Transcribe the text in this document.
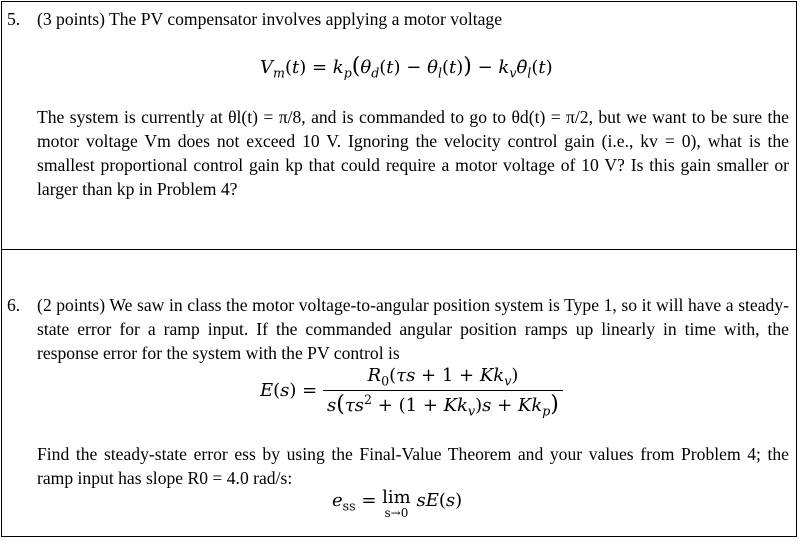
5. (3 points) The PV compensator involves applying a motor voltage
$V_m(t) = k_p(\theta_d(t) - \theta_l(t))$ − $k_v\thetȧ_l(t)$
The system is currently at θl(t) = π/8, and is commanded to go to θd(t) = π/2, but we want to be sure the motor voltage Vm does not exceed 10 V. Ignoring the velocity control gain (i.e., kv = 0), what is the smallest proportional control gain kp that could require a motor voltage of 10 V? Is this gain smaller or larger than kp in Problem 4?
6. (2 points) We saw in class the motor voltage-to-angular position system is Type 1, so it will have a steady-state error for a ramp input. If the commanded angular position ramps up linearly in time with, the response error for the system with the PV control is
$E(s) = \frac{R_0(\tau s + 1 + Kk_v)}{s(\tau s^2 + (1 + Kk_v)s + Kk_p)}$
Find the steady-state error ess by using the Final-Value Theorem and your values from Problem 4; the ramp input has slope R0 = 4.0 rad/s:
$e_{ss} = \lim$
s→0
sE(s)
